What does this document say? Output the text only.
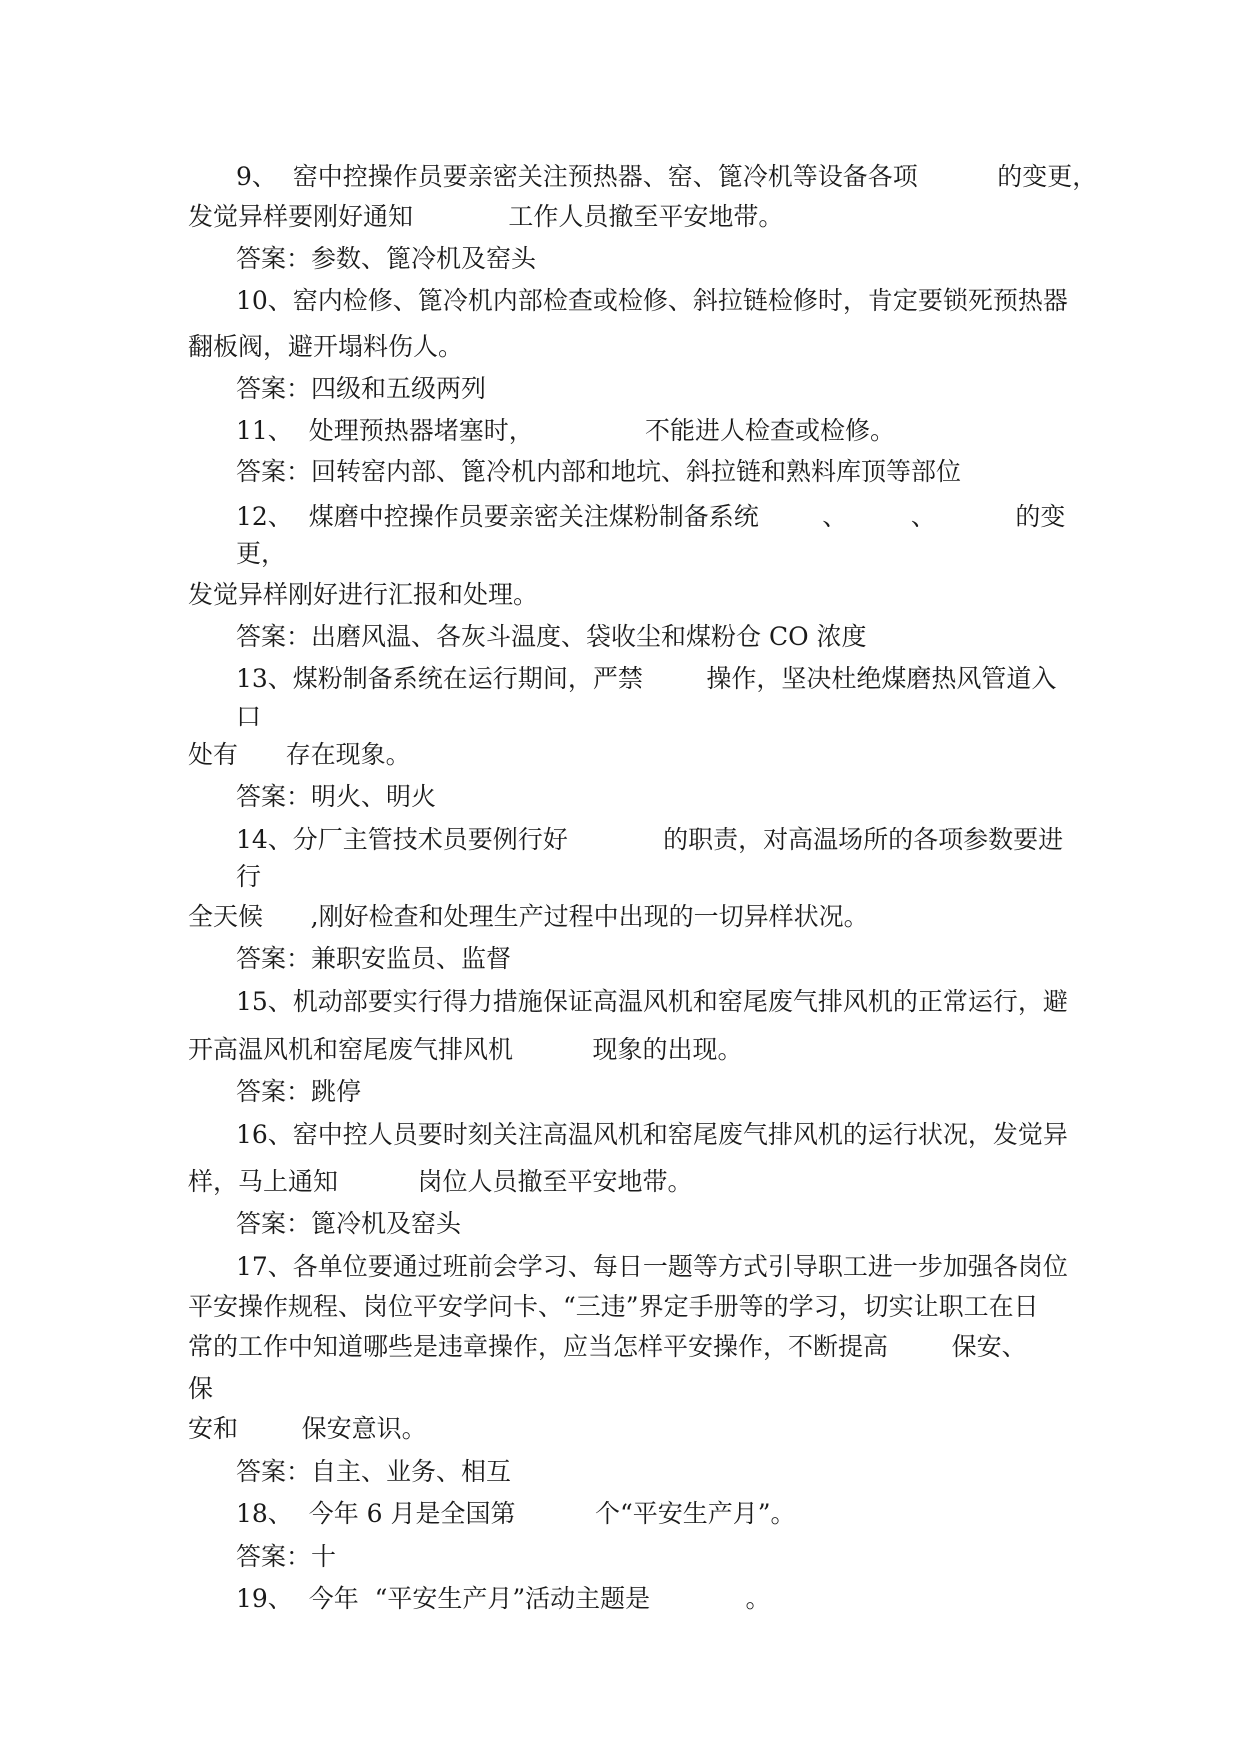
9、  窑中控操作员要亲密关注预热器、窑、篦冷机等设备各项          的变更，
发觉异样要刚好通知            工作人员撤至平安地带。
答案：参数、篦冷机及窑头
10、窑内检修、篦冷机内部检查或检修、斜拉链检修时，肯定要锁死预热器
翻板阀，避开塌料伤人。
答案：四级和五级两列
11、  处理预热器堵塞时，              不能进人检查或检修。
答案：回转窑内部、篦冷机内部和地坑、斜拉链和熟料库顶等部位
12、  煤磨中控操作员要亲密关注煤粉制备系统        、        、          的变
更，
发觉异样刚好进行汇报和处理。
答案：出磨风温、各灰斗温度、袋收尘和煤粉仓 CO 浓度
13、煤粉制备系统在运行期间，严禁        操作，坚决杜绝煤磨热风管道入
口
处有      存在现象。
答案：明火、明火
14、分厂主管技术员要例行好            的职责，对高温场所的各项参数要进
行
全天候      ,刚好检查和处理生产过程中出现的一切异样状况。
答案：兼职安监员、监督
15、机动部要实行得力措施保证高温风机和窑尾废气排风机的正常运行，避
开高温风机和窑尾废气排风机          现象的出现。
答案：跳停
16、窑中控人员要时刻关注高温风机和窑尾废气排风机的运行状况，发觉异
样，马上通知          岗位人员撤至平安地带。
答案：篦冷机及窑头
17、各单位要通过班前会学习、每日一题等方式引导职工进一步加强各岗位
平安操作规程、岗位平安学问卡、“三违”界定手册等的学习，切实让职工在日
常的工作中知道哪些是违章操作，应当怎样平安操作，不断提高        保安、
保
安和        保安意识。
答案：自主、业务、相互
18、  今年 6 月是全国第          个“平安生产月”。
答案：十
19、  今年  “平安生产月”活动主题是            。
